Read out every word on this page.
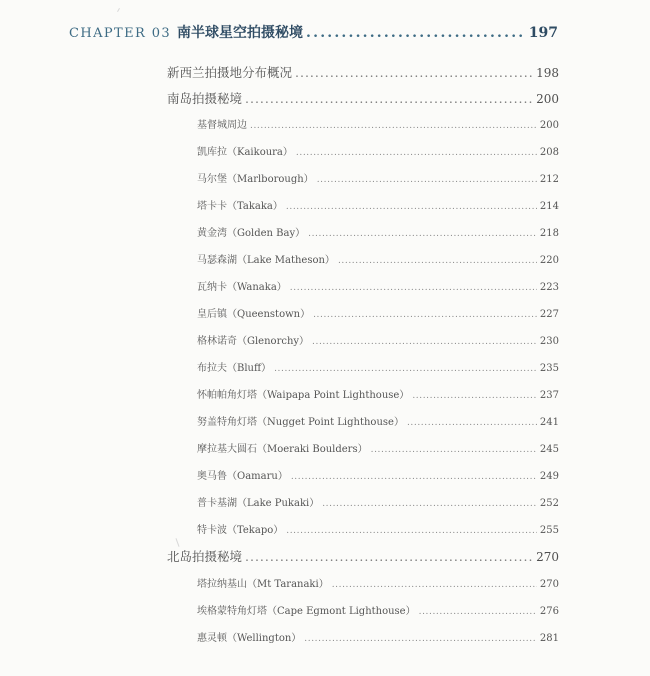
CHAPTER 03 南半球星空拍摄秘境 .....	197
新西兰拍摄地分布概况 .....	198
南岛拍摄秘境 .....	200
基督城周边 .....	200
凯库拉（Kaikoura） .....	208
马尔堡（Marlborough） .....	212
塔卡卡（Takaka） .....	214
黄金湾（Golden Bay） .....	218
马瑟森湖（Lake Matheson） .....	220
瓦纳卡（Wanaka） .....	223
皇后镇（Queenstown） .....	227
格林诺奇（Glenorchy） .....	230
布拉夫（Bluff） .....	235
怀帕帕角灯塔（Waipapa Point Lighthouse） .....	237
努盖特角灯塔（Nugget Point Lighthouse） .....	241
摩拉基大圆石（Moeraki Boulders） .....	245
奥马鲁（Oamaru） .....	249
普卡基湖（Lake Pukaki） .....	252
特卡波（Tekapo） .....	255
北岛拍摄秘境 .....	270
塔拉纳基山（Mt Taranaki） .....	270
埃格蒙特角灯塔（Cape Egmont Lighthouse） .....	276
惠灵顿（Wellington） .....	281
